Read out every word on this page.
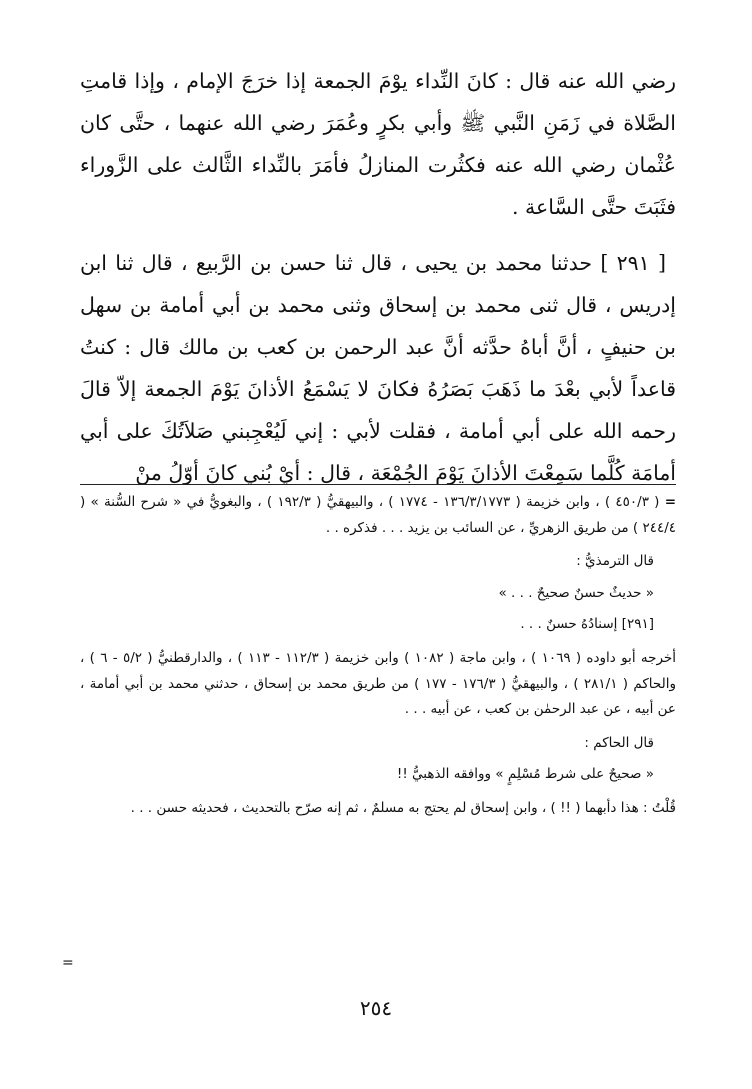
رضي الله عنه قال : كانَ النِّداء يوْمَ الجمعة إذا خرَجَ الإمام ، وإذا قامتِ الصَّلاة في زَمَنِ النَّبي ﷺ وأبي بكرٍ وعُمَرَ رضي الله عنهما ، حتَّى كان عُثْمان رضي الله عنه فكثُرت المنازلُ فأمَرَ بالنِّداء الثَّالث على الزَّوراء فثَبَتَ حتَّى السَّاعة .

[ ٢٩١ ] حدثنا محمد بن يحيى ، قال ثنا حسن بن الرَّبيع ، قال ثنا ابن إدريس ، قال ثنى محمد بن إسحاق وثنى محمد بن أبي أمامة بن سهل بن حنيفٍ ، أنَّ أباهُ حدَّثه أنَّ عبد الرحمن بن كعب بن مالك قال : كنتُ قاعداً لأبي بعْدَ ما ذَهَبَ بَصَرُهُ فكانَ لا يَسْمَعُ الأذانَ يَوْمَ الجمعة إلاّ قالَ رحمه الله على أبي أمامة ، فقلت لأبي : إني لَيُعْجِبني صَلاَتُكَ على أبي أمامَة كُلَّما سَمِعْتَ الأذانَ يَوْمَ الجُمْعَة ، قال : أيْ بُني كانَ أوّلُ منْ

= ( ٤٥٠/٣ ) ، وابن خزيمة ( ١٣٦/٣/١٧٧٣ - ١٧٧٤ ) ، والبيهقيُّ ( ١٩٢/٣ ) ، والبغويُّ في « شرح السُّنة » ( ٢٤٤/٤ ) من طريق الزهريِّ ، عن السائب بن يزيد . . . فذكره . .

قال الترمذيُّ :

« حديثٌ حسنٌ صحيحٌ . . . »

[٢٩١] إسنادُهُ حسنٌ . . .

أخرجه أبو داوده ( ١٠٦٩ ) ، وابن ماجة ( ١٠٨٢ ) وابن خزيمة ( ١١٢/٣ - ١١٣ ) ، والدارقطنيُّ ( ٥/٢ - ٦ ) ، والحاكم ( ٢٨١/١ ) ، والبيهقيُّ ( ١٧٦/٣ - ١٧٧ ) من طريق محمد بن إسحاق ، حدثني محمد بن أبي أمامة ، عن أبيه ، عن عبد الرحمٰن بن كعب ، عن أبيه . . .

قال الحاكم :

« صحيحٌ على شرط مُسْلِمٍ » ووافقه الذهبيُّ !!

قُلْتُ : هذا دأبهما ( !! ) ، وابن إسحاق لم يحتج به مسلمٌ ، ثم إنه صرّح بالتحديث ، فحديثه حسن . . .

=
٢٥٤
